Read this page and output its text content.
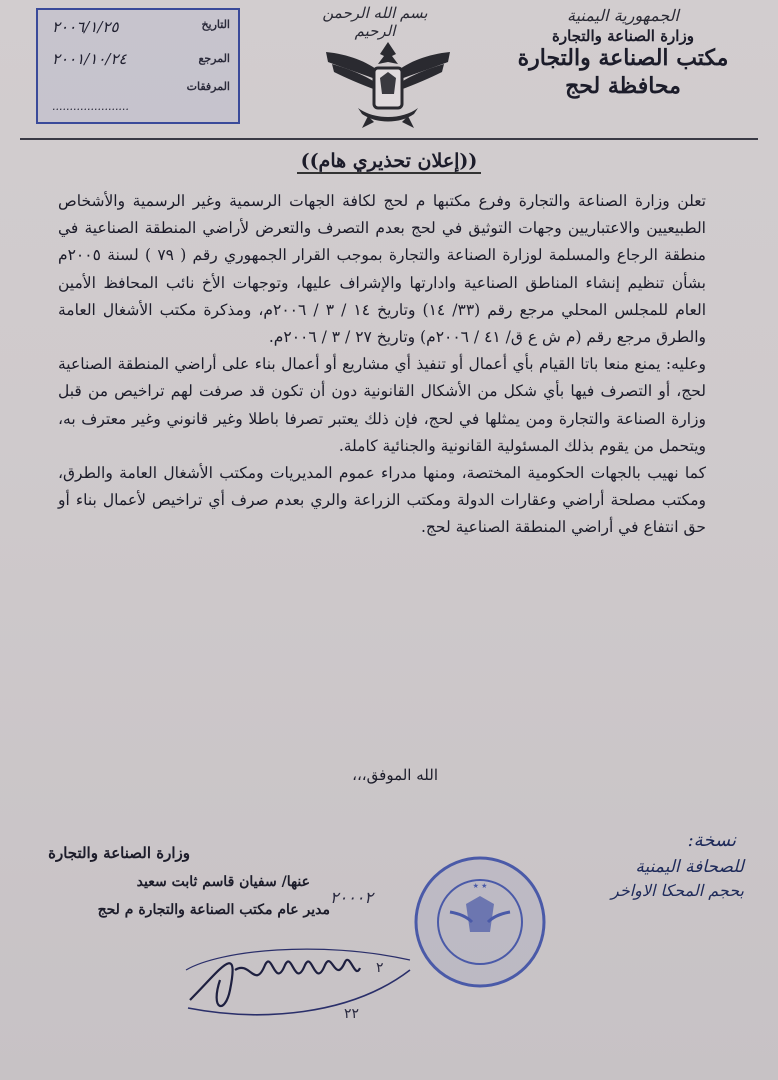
الجمهورية اليمنية
وزارة الصناعة والتجارة
مكتب الصناعة والتجارة
محافظة لحج
بسم الله الرحمن الرحيم
التاريخ
٢٠٠٦/١/٢٥
المرجع
٢٠٠١/١٠/٢٤
المرفقات
......................
((إعلان تحذيري هام))

تعلن وزارة الصناعة والتجارة وفرع مكتبها م لحج لكافة الجهات الرسمية وغير الرسمية والأشخاص الطبيعيين والاعتباريين وجهات التوثيق في لحج بعدم التصرف والتعرض لأراضي المنطقة الصناعية في منطقة الرجاع والمسلمة لوزارة الصناعة والتجارة بموجب القرار الجمهوري رقم ( ٧٩ ) لسنة ٢٠٠٥م بشأن تنظيم إنشاء المناطق الصناعية وادارتها والإشراف عليها، وتوجهات الأخ نائب المحافظ الأمين العام للمجلس المحلي مرجع رقم (٣٣/ ١٤) وتاريخ ١٤ / ٣ / ٢٠٠٦م، ومذكرة مكتب الأشغال العامة والطرق مرجع رقم (م ش ع ق/ ٤١ / ٢٠٠٦م) وتاريخ ٢٧ / ٣ / ٢٠٠٦م.

وعليه: يمنع منعا باتا القيام بأي أعمال أو تنفيذ أي مشاريع أو أعمال بناء على أراضي المنطقة الصناعية لحج، أو التصرف فيها بأي شكل من الأشكال القانونية دون أن تكون قد صرفت لهم تراخيص من قبل وزارة الصناعة والتجارة ومن يمثلها في لحج، فإن ذلك يعتبر تصرفا باطلا وغير قانوني وغير معترف به، ويتحمل من يقوم بذلك المسئولية القانونية والجنائية كاملة.

كما نهيب بالجهات الحكومية المختصة، ومنها مدراء عموم المديريات ومكتب الأشغال العامة والطرق، ومكتب مصلحة أراضي وعقارات الدولة ومكتب الزراعة والري بعدم صرف أي تراخيص لأعمال بناء أو حق انتفاع في أراضي المنطقة الصناعية لحج.

الله الموفق،،،
وزارة الصناعة والتجارة
عنها/ سفيان قاسم ثابت سعيد
مدير عام مكتب الصناعة والتجارة م لحج
٢٠٠٠٢
٢
٢٢
★ ★
نسخة:
للصحافة اليمنية
بحجم المحكا الاواخر
